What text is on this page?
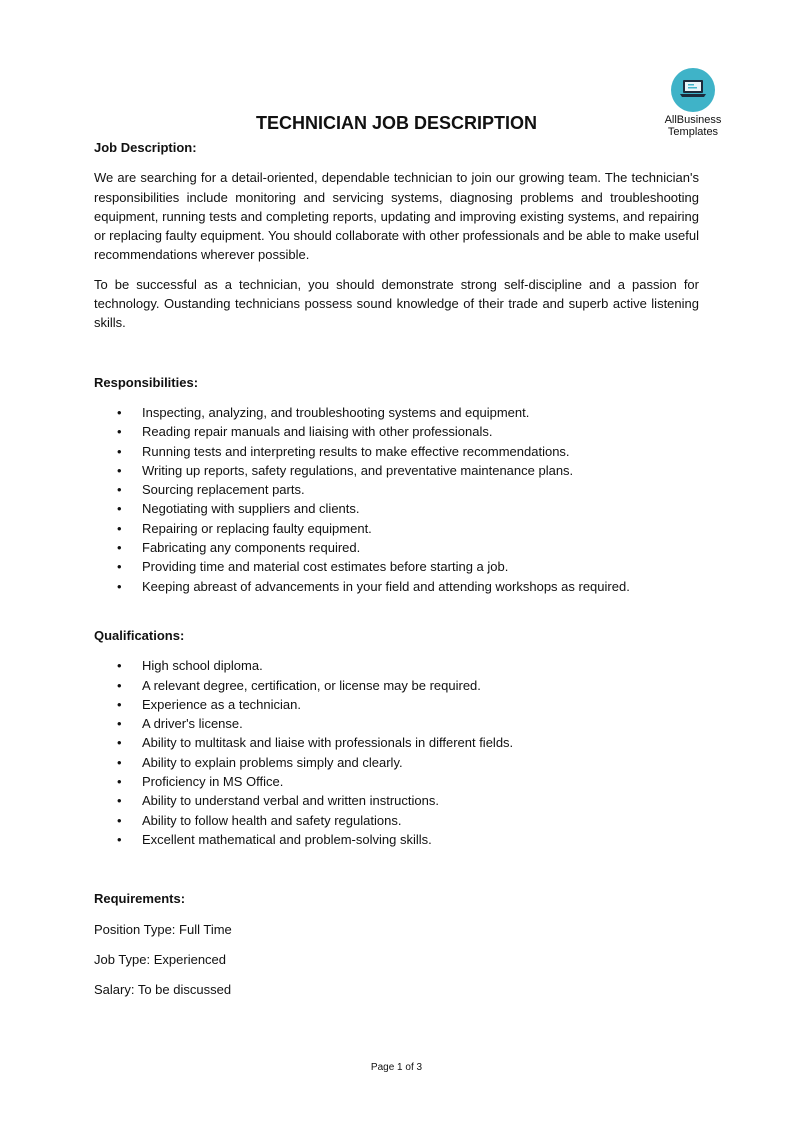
AllBusiness
Templates
TECHNICIAN JOB DESCRIPTION

Job Description:

We are searching for a detail-oriented, dependable technician to join our growing team. The technician's responsibilities include monitoring and servicing systems, diagnosing problems and troubleshooting equipment, running tests and completing reports, updating and improving existing systems, and repairing or replacing faulty equipment. You should collaborate with other professionals and be able to make useful recommendations wherever possible.

To be successful as a technician, you should demonstrate strong self-discipline and a passion for technology. Oustanding technicians possess sound knowledge of their trade and superb active listening skills.

Responsibilities:

• Inspecting, analyzing, and troubleshooting systems and equipment.
• Reading repair manuals and liaising with other professionals.
• Running tests and interpreting results to make effective recommendations.
• Writing up reports, safety regulations, and preventative maintenance plans.
• Sourcing replacement parts.
• Negotiating with suppliers and clients.
• Repairing or replacing faulty equipment.
• Fabricating any components required.
• Providing time and material cost estimates before starting a job.
• Keeping abreast of advancements in your field and attending workshops as required.

Qualifications:

• High school diploma.
• A relevant degree, certification, or license may be required.
• Experience as a technician.
• A driver's license.
• Ability to multitask and liaise with professionals in different fields.
• Ability to explain problems simply and clearly.
• Proficiency in MS Office.
• Ability to understand verbal and written instructions.
• Ability to follow health and safety regulations.
• Excellent mathematical and problem-solving skills.

Requirements:

Position Type: Full Time

Job Type: Experienced

Salary: To be discussed

Page 1 of 3
